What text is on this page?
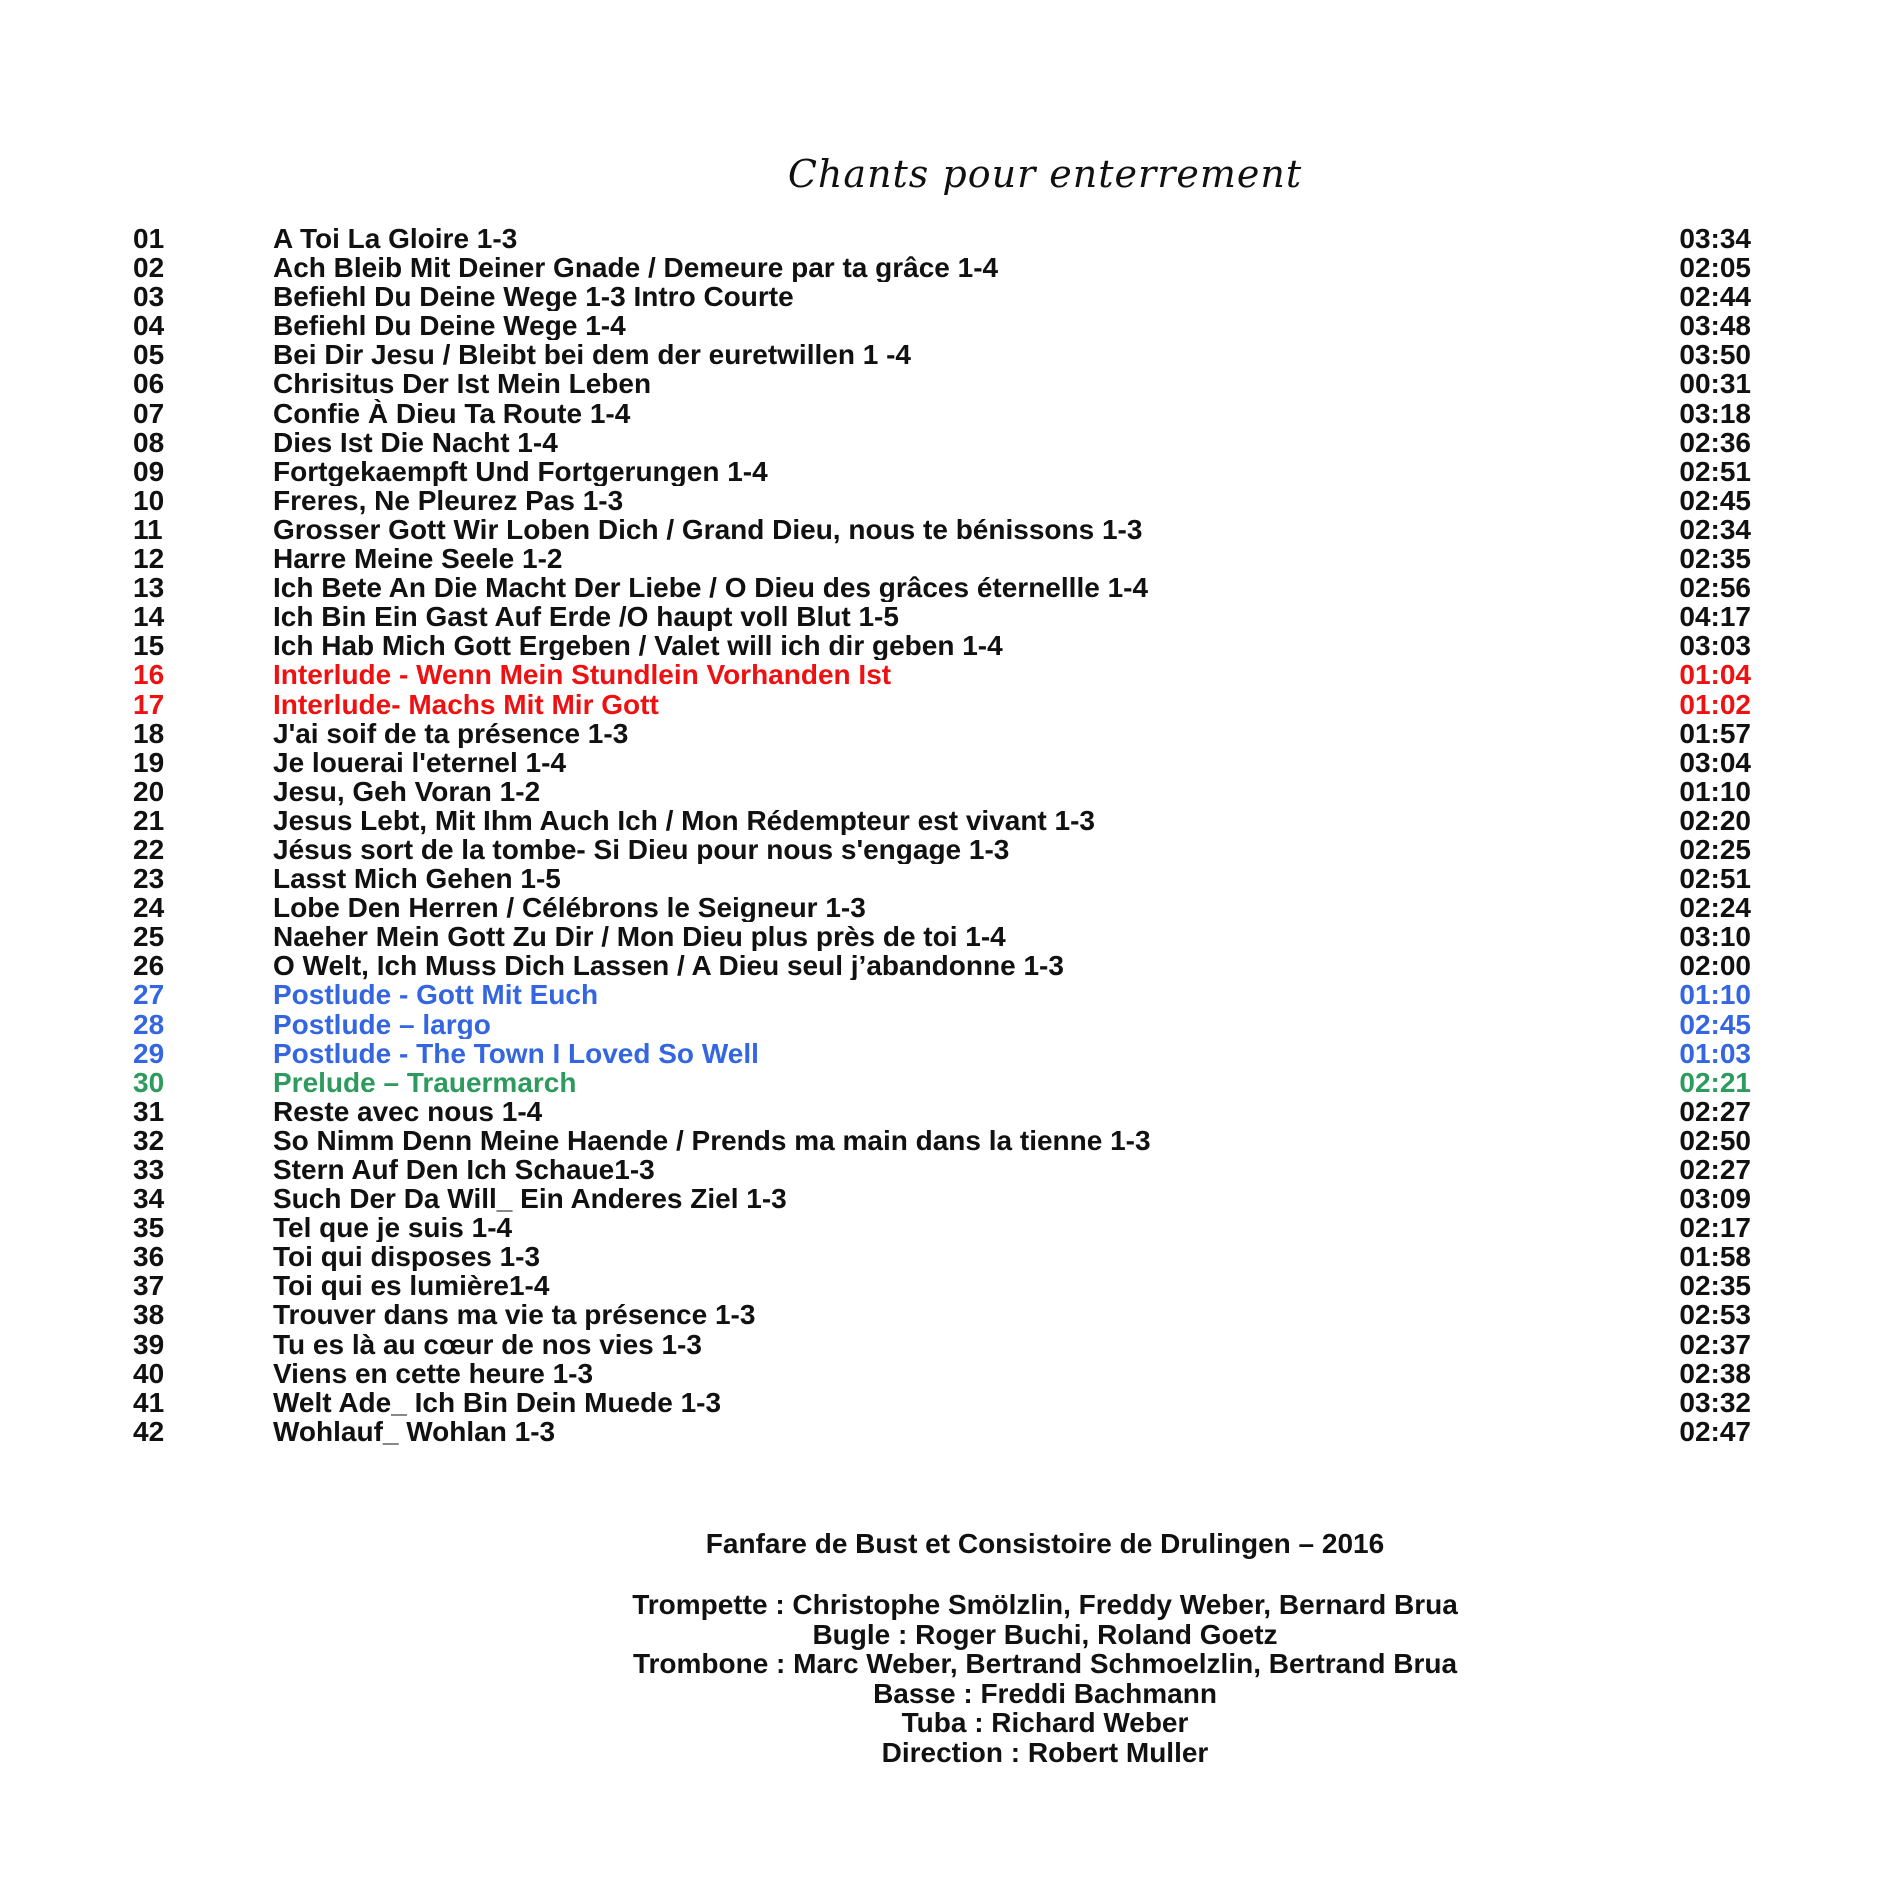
Chants pour enterrement
01	A Toi La Gloire 1-3	03:34
02	Ach Bleib Mit Deiner Gnade / Demeure par ta grâce 1-4	02:05
03	Befiehl Du Deine Wege 1-3 Intro Courte	02:44
04	Befiehl Du Deine Wege 1-4	03:48
05	Bei Dir Jesu / Bleibt bei dem der euretwillen 1 -4	03:50
06	Chrisitus Der Ist Mein Leben	00:31
07	Confie À Dieu Ta Route 1-4	03:18
08	Dies Ist Die Nacht 1-4	02:36
09	Fortgekaempft Und Fortgerungen 1-4	02:51
10	Freres, Ne Pleurez Pas 1-3	02:45
11	Grosser Gott Wir Loben Dich / Grand Dieu, nous te bénissons 1-3	02:34
12	Harre Meine Seele 1-2	02:35
13	Ich Bete An Die Macht Der Liebe / O Dieu des grâces éternellle 1-4	02:56
14	Ich Bin Ein Gast Auf Erde /O haupt voll Blut 1-5	04:17
15	Ich Hab Mich Gott Ergeben / Valet will ich dir geben 1-4	03:03
16	Interlude - Wenn Mein Stundlein Vorhanden Ist	01:04
17	Interlude- Machs Mit Mir Gott	01:02
18	J'ai soif de ta présence 1-3	01:57
19	Je louerai l'eternel 1-4	03:04
20	Jesu, Geh Voran 1-2	01:10
21	Jesus Lebt, Mit Ihm Auch Ich / Mon Rédempteur est vivant 1-3	02:20
22	Jésus sort de la tombe- Si Dieu pour nous s'engage 1-3	02:25
23	Lasst Mich Gehen 1-5	02:51
24	Lobe Den Herren / Célébrons le Seigneur 1-3	02:24
25	Naeher Mein Gott Zu Dir / Mon Dieu plus près de toi 1-4	03:10
26	O Welt, Ich Muss Dich Lassen / A Dieu seul j’abandonne 1-3	02:00
27	Postlude - Gott Mit Euch	01:10
28	Postlude – largo	02:45
29	Postlude - The Town I Loved So Well	01:03
30	Prelude – Trauermarch	02:21
31	Reste avec nous 1-4	02:27
32	So Nimm Denn Meine Haende / Prends ma main dans la tienne 1-3	02:50
33	Stern Auf Den Ich Schaue1-3	02:27
34	Such Der Da Will_ Ein Anderes Ziel 1-3	03:09
35	Tel que je suis 1-4	02:17
36	Toi qui disposes 1-3	01:58
37	Toi qui es lumière1-4	02:35
38	Trouver dans ma vie ta présence 1-3	02:53
39	Tu es là au cœur de nos vies 1-3	02:37
40	Viens en cette heure 1-3	02:38
41	Welt Ade_ Ich Bin Dein Muede 1-3	03:32
42	Wohlauf_ Wohlan 1-3	02:47
Fanfare de Bust et Consistoire de Drulingen – 2016
Trompette : Christophe Smölzlin, Freddy Weber, Bernard Brua
Bugle : Roger Buchi, Roland Goetz
Trombone : Marc Weber, Bertrand Schmoelzlin, Bertrand Brua
Basse : Freddi Bachmann
Tuba : Richard Weber
Direction : Robert Muller
